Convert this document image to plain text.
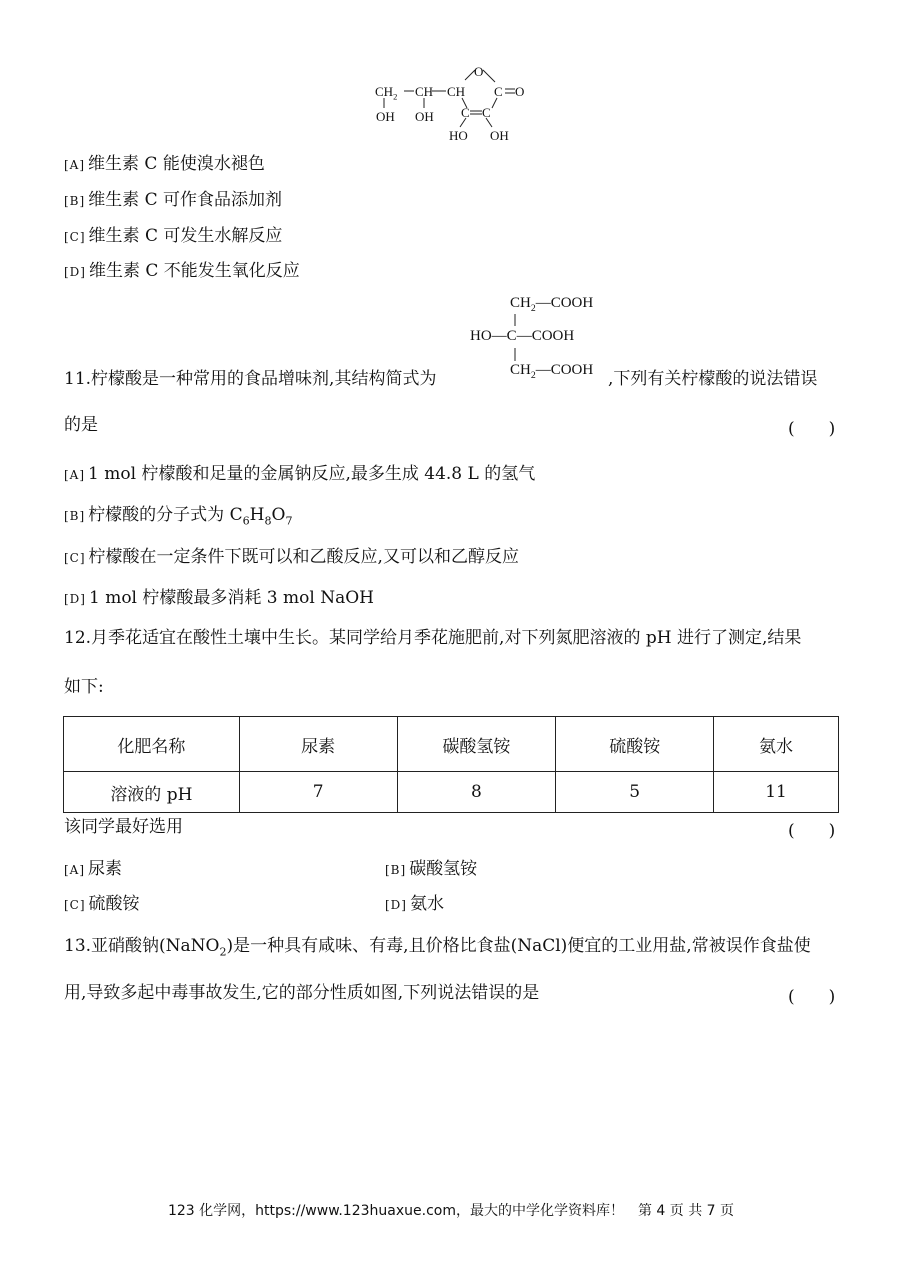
$CH_2$ CH CH
O
C O
C C
OH OH
HO OH
[A] 维生素 C 能使溴水褪色
[B] 维生素 C 可作食品添加剂
[C] 维生素 C 可发生水解反应
[D] 维生素 C 不能发生氧化反应
$CH_2—COOH$
HO—C—COOH
$CH_2—COOH$
11.柠檬酸是一种常用的食品增味剂,其结构简式为	,下列有关柠檬酸的说法错误
的是	(　　)
[A] 1 mol 柠檬酸和足量的金属钠反应,最多生成 44.8 L 的氢气
[B] 柠檬酸的分子式为 $C_6H_8O_7$
[C] 柠檬酸在一定条件下既可以和乙酸反应,又可以和乙醇反应
[D] 1 mol 柠檬酸最多消耗 3 mol NaOH
12.月季花适宜在酸性土壤中生长。某同学给月季花施肥前,对下列氮肥溶液的 pH 进行了测定,结果
如下:
化肥名称	尿素	碳酸氢铵	硫酸铵	氨水
溶液的 pH	7	8	5	11
该同学最好选用	(　　)
[A] 尿素	[B] 碳酸氢铵
[C] 硫酸铵	[D] 氨水
13.亚硝酸钠(NaNO$_2$)是一种具有咸味、有毒,且价格比食盐(NaCl)便宜的工业用盐,常被误作食盐使
用,导致多起中毒事故发生,它的部分性质如图,下列说法错误的是	(　　)
123 化学网，https://www.123huaxue.com，最大的中学化学资料库！　第 4 页 共 7 页
